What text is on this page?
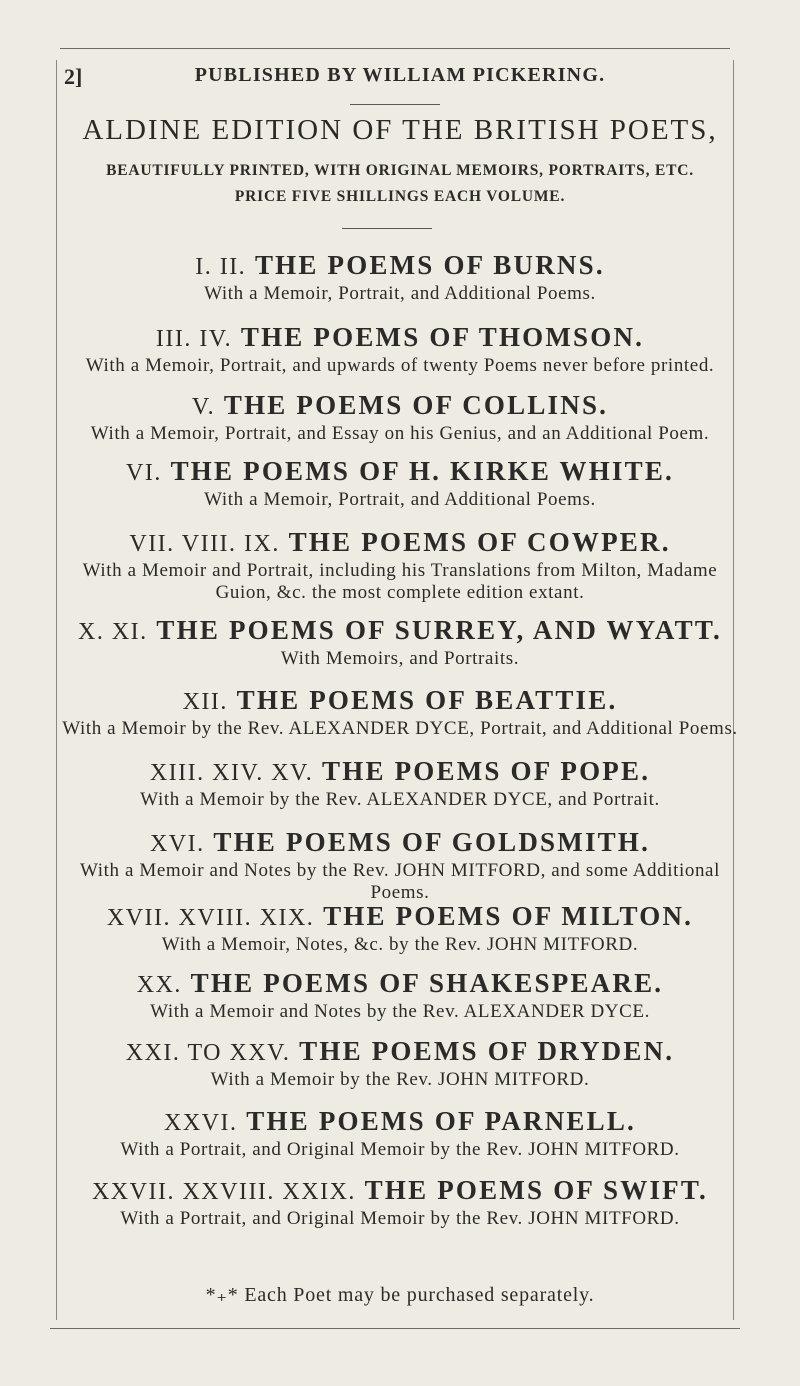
2]	PUBLISHED BY WILLIAM PICKERING.
ALDINE EDITION OF THE BRITISH POETS,
BEAUTIFULLY PRINTED, WITH ORIGINAL MEMOIRS, PORTRAITS, ETC.
PRICE FIVE SHILLINGS EACH VOLUME.
I. II. THE POEMS OF BURNS.
With a Memoir, Portrait, and Additional Poems.
III. IV. THE POEMS OF THOMSON.
With a Memoir, Portrait, and upwards of twenty Poems never before printed.
V. THE POEMS OF COLLINS.
With a Memoir, Portrait, and Essay on his Genius, and an Additional Poem.
VI. THE POEMS OF H. KIRKE WHITE.
With a Memoir, Portrait, and Additional Poems.
VII. VIII. IX. THE POEMS OF COWPER.
With a Memoir and Portrait, including his Translations from Milton, Madame Guion, &c. the most complete edition extant.
X. XI. THE POEMS OF SURREY, AND WYATT.
With Memoirs, and Portraits.
XII. THE POEMS OF BEATTIE.
With a Memoir by the Rev. ALEXANDER DYCE, Portrait, and Additional Poems.
XIII. XIV. XV. THE POEMS OF POPE.
With a Memoir by the Rev. ALEXANDER DYCE, and Portrait.
XVI. THE POEMS OF GOLDSMITH.
With a Memoir and Notes by the Rev. JOHN MITFORD, and some Additional Poems.
XVII. XVIII. XIX. THE POEMS OF MILTON.
With a Memoir, Notes, &c. by the Rev. JOHN MITFORD.
XX. THE POEMS OF SHAKESPEARE.
With a Memoir and Notes by the Rev. ALEXANDER DYCE.
XXI. TO XXV. THE POEMS OF DRYDEN.
With a Memoir by the Rev. JOHN MITFORD.
XXVI. THE POEMS OF PARNELL.
With a Portrait, and Original Memoir by the Rev. JOHN MITFORD.
XXVII. XXVIII. XXIX. THE POEMS OF SWIFT.
With a Portrait, and Original Memoir by the Rev. JOHN MITFORD.
*₊* Each Poet may be purchased separately.
